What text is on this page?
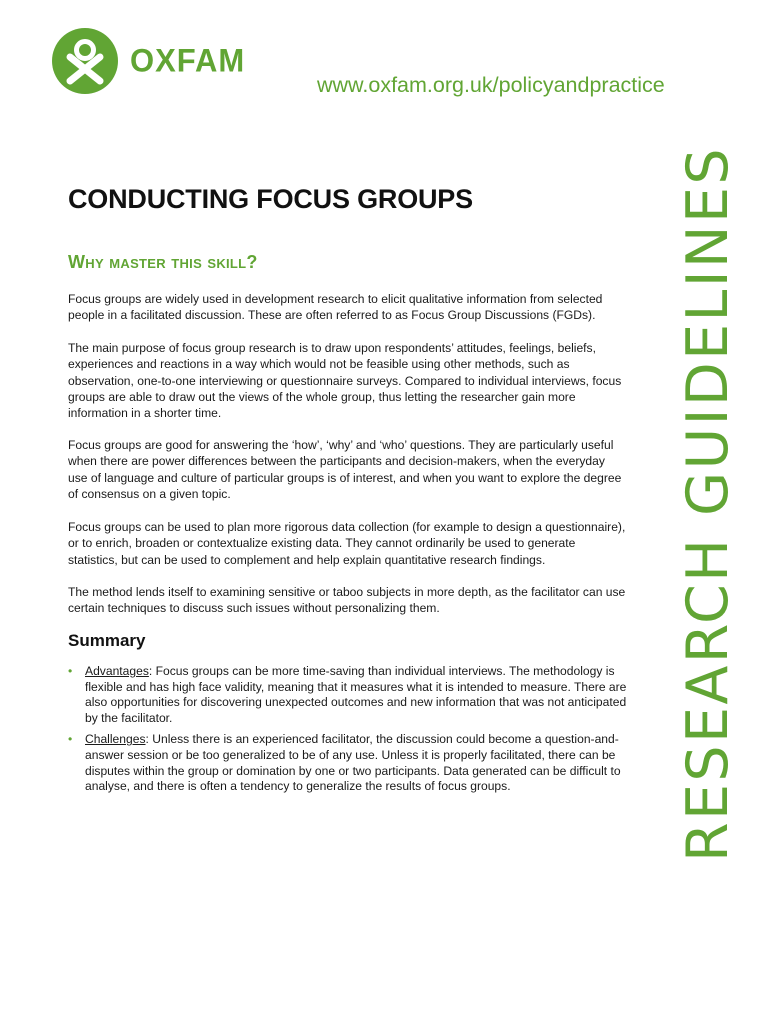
OXFAM
www.oxfam.org.uk/policyandpractice
RESEARCH GUIDELINES
CONDUCTING FOCUS GROUPS
Why master this skill?

Focus groups are widely used in development research to elicit qualitative information from selected people in a facilitated discussion. These are often referred to as Focus Group Discussions (FGDs).

The main purpose of focus group research is to draw upon respondents’ attitudes, feelings, beliefs, experiences and reactions in a way which would not be feasible using other methods, such as observation, one-to-one interviewing or questionnaire surveys. Compared to individual interviews, focus groups are able to draw out the views of the whole group, thus letting the researcher gain more information in a shorter time.

Focus groups are good for answering the ‘how’, ‘why’ and ‘who’ questions. They are particularly useful when there are power differences between the participants and decision-makers, when the everyday use of language and culture of particular groups is of interest, and when you want to explore the degree of consensus on a given topic.

Focus groups can be used to plan more rigorous data collection (for example to design a questionnaire), or to enrich, broaden or contextualize existing data. They cannot ordinarily be used to generate statistics, but can be used to complement and help explain quantitative research findings.

The method lends itself to examining sensitive or taboo subjects in more depth, as the facilitator can use certain techniques to discuss such issues without personalizing them.

Summary
• Advantages: Focus groups can be more time-saving than individual interviews. The methodology is flexible and has high face validity, meaning that it measures what it is intended to measure. There are also opportunities for discovering unexpected outcomes and new information that was not anticipated by the facilitator.
• Challenges: Unless there is an experienced facilitator, the discussion could become a question-and-answer session or be too generalized to be of any use. Unless it is properly facilitated, there can be disputes within the group or domination by one or two participants. Data generated can be difficult to analyse, and there is often a tendency to generalize the results of focus groups.
